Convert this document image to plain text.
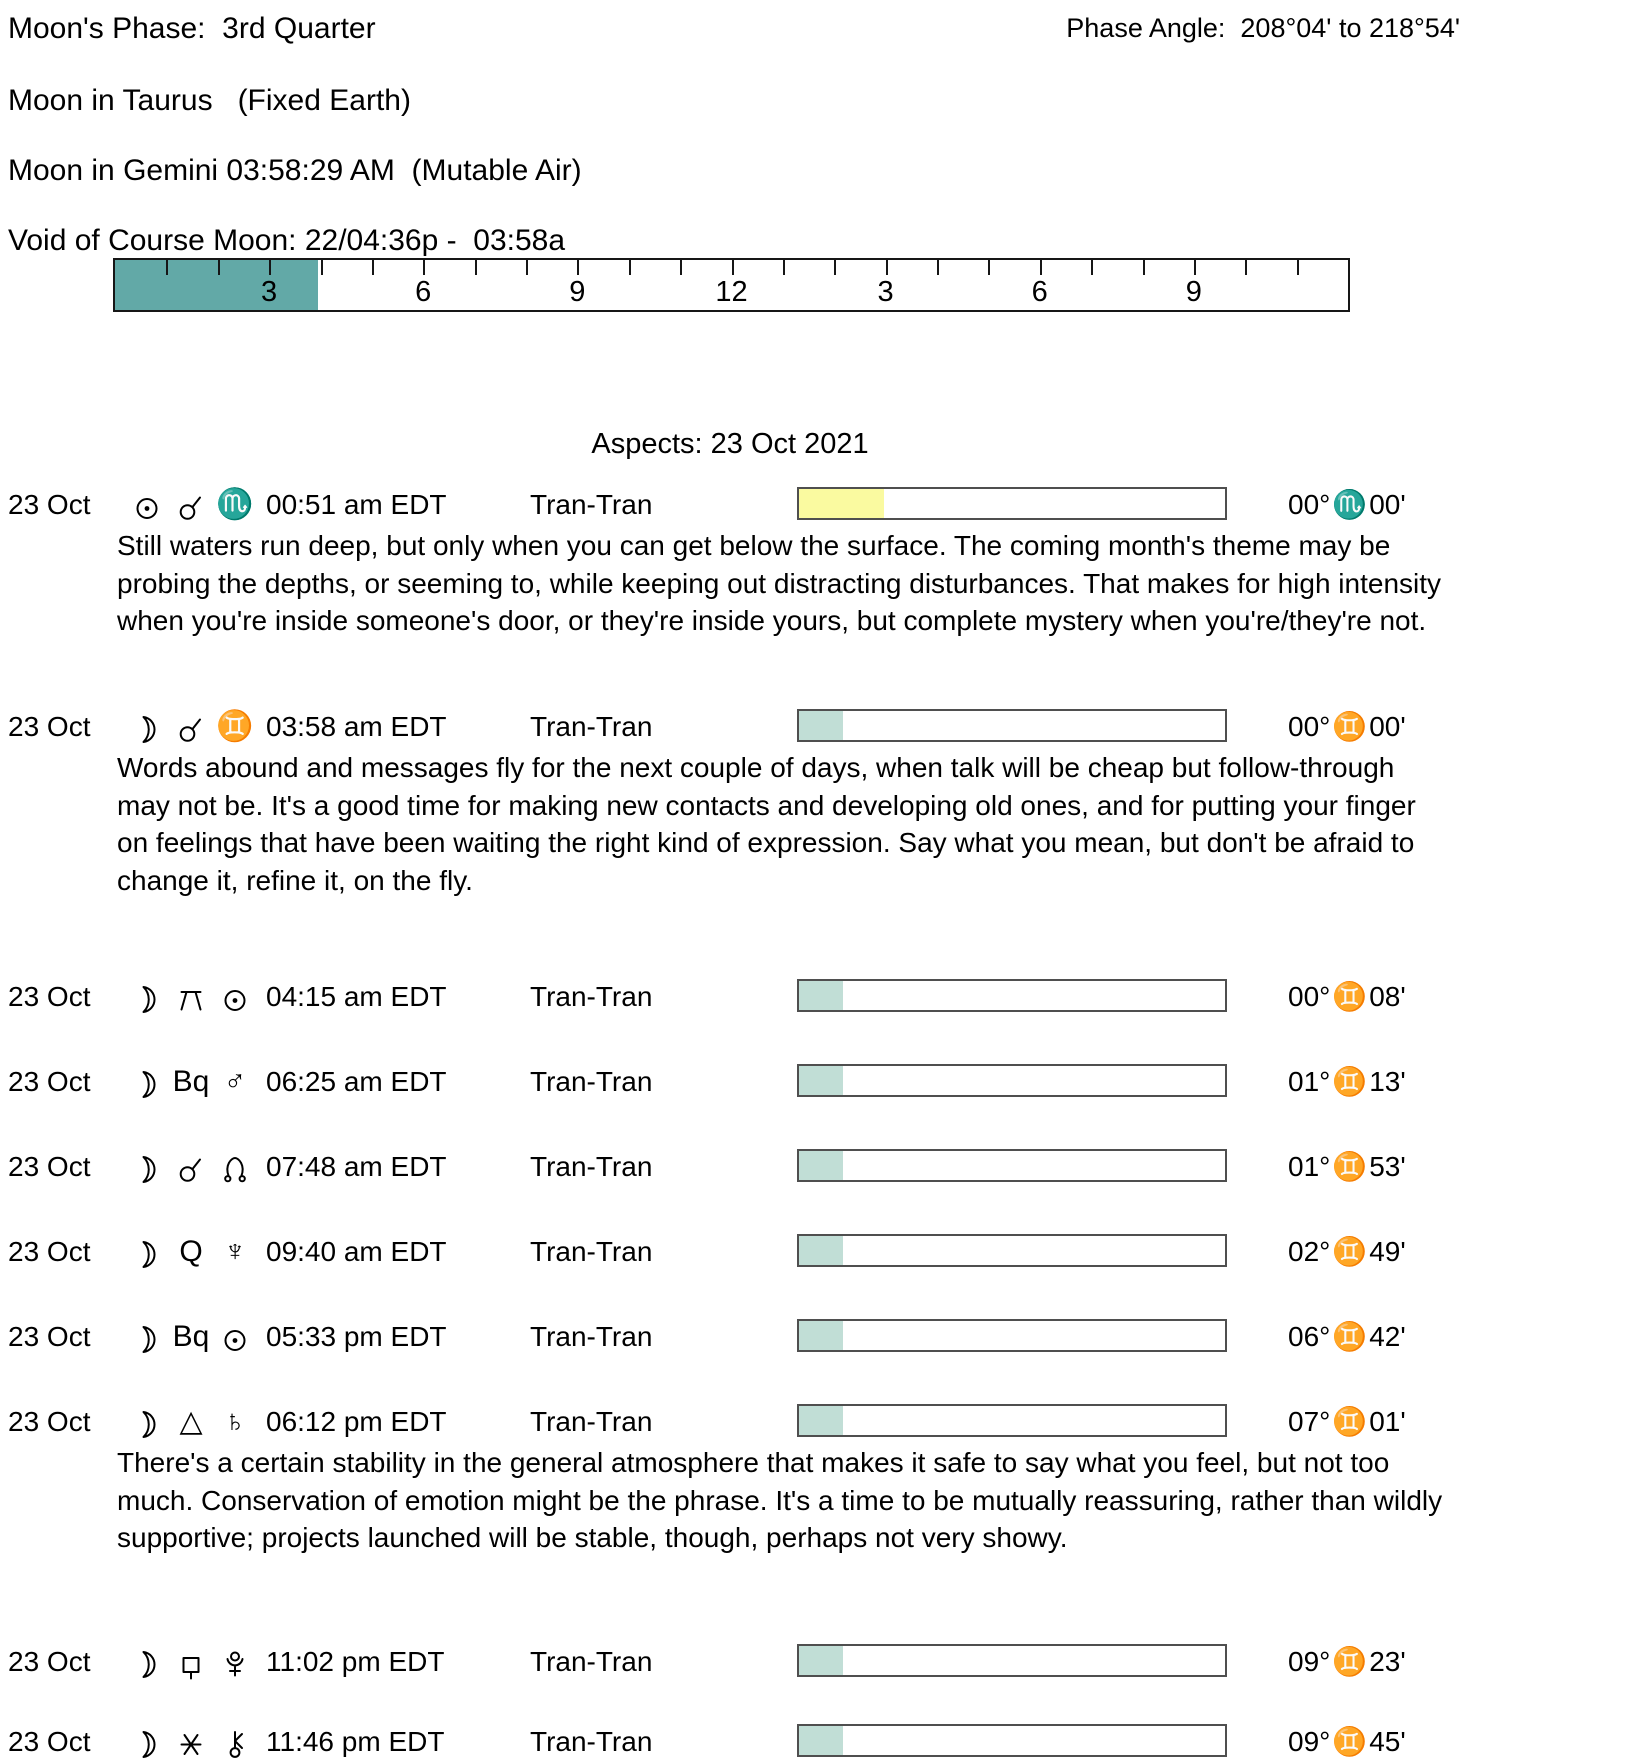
Moon's Phase:  3rd Quarter	Phase Angle:  208°04' to 218°54'
Moon in Taurus   (Fixed Earth)
Moon in Gemini 03:58:29 AM  (Mutable Air)
Void of Course Moon: 22/04:36p -  03:58a
3	6	9	12	3	6	9
Aspects: 23 Oct 2021
23 Oct	♏ 00:51 am EDT	Tran-Tran	00°♏00'
Still waters run deep, but only when you can get below the surface. The coming month's theme may be probing the depths, or seeming to, while keeping out distracting disturbances. That makes for high intensity when you're inside someone's door, or they're inside yours, but complete mystery when you're/they're not.
23 Oct	♊ 03:58 am EDT	Tran-Tran	00°♊00'
Words abound and messages fly for the next couple of days, when talk will be cheap but follow-through may not be. It's a good time for making new contacts and developing old ones, and for putting your finger on feelings that have been waiting the right kind of expression. Say what you mean, but don't be afraid to change it, refine it, on the fly.
23 Oct	04:15 am EDT	Tran-Tran	00°♊08'
23 Oct	Bq ♂ 06:25 am EDT	Tran-Tran	01°♊13'
23 Oct	07:48 am EDT	Tran-Tran	01°♊53'
23 Oct	Q ♆ 09:40 am EDT	Tran-Tran	02°♊49'
23 Oct	Bq 05:33 pm EDT	Tran-Tran	06°♊42'
23 Oct	△ ♄ 06:12 pm EDT	Tran-Tran	07°♊01'
There's a certain stability in the general atmosphere that makes it safe to say what you feel, but not too much. Conservation of emotion might be the phrase. It's a time to be mutually reassuring, rather than wildly supportive; projects launched will be stable, though, perhaps not very showy.
23 Oct	11:02 pm EDT	Tran-Tran	09°♊23'
23 Oct	11:46 pm EDT	Tran-Tran	09°♊45'
